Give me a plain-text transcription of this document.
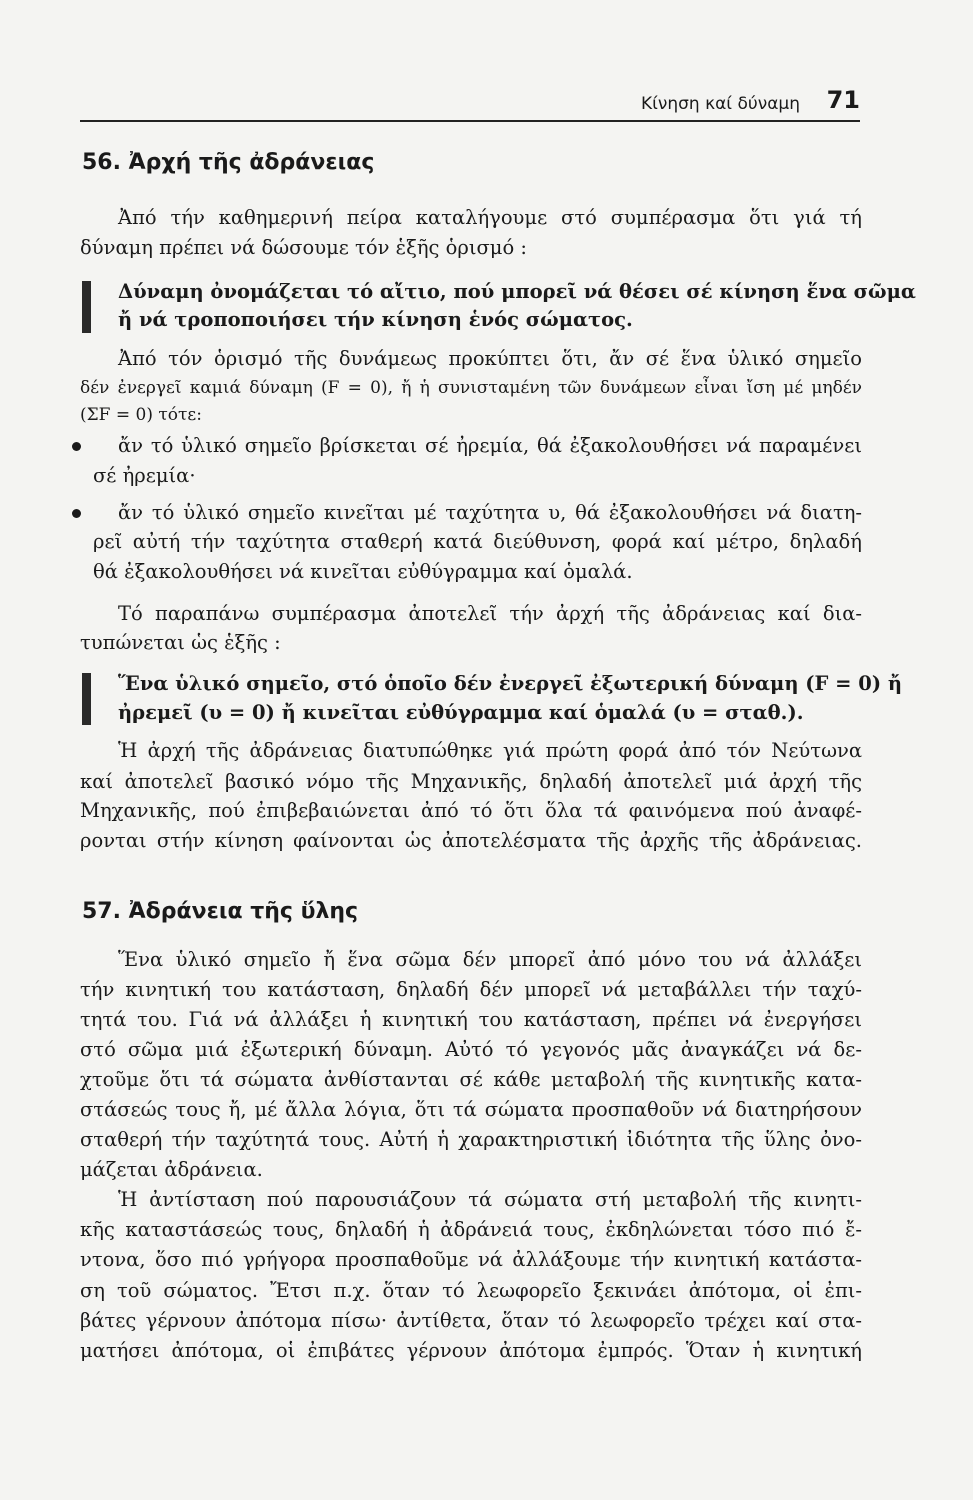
Κίνηση καί δύναμη 71
56. Ἀρχή τῆς ἀδράνειας
Ἀπό τήν καθημερινή πείρα καταλήγουμε στό συμπέρασμα ὅτι γιά τή
δύναμη πρέπει νά δώσουμε τόν ἑξῆς ὁρισμό :
Δύναμη ὀνομάζεται τό αἴτιο, πού μπορεῖ νά θέσει σέ κίνηση ἕνα σῶμα
ἤ νά τροποποιήσει τήν κίνηση ἑνός σώματος.
Ἀπό τόν ὁρισμό τῆς δυνάμεως προκύπτει ὅτι, ἄν σέ ἕνα ὑλικό σημεῖο
δέν ἐνεργεῖ καμιά δύναμη (F = 0), ἤ ἡ συνισταμένη τῶν δυνάμεων εἶναι ἴση μέ μηδέν
(ΣF = 0) τότε:
ἄν τό ὑλικό σημεῖο βρίσκεται σέ ἠρεμία, θά ἐξακολουθήσει νά παραμένει
σέ ἠρεμία·
ἄν τό ὑλικό σημεῖο κινεῖται μέ ταχύτητα υ, θά ἐξακολουθήσει νά διατη-
ρεῖ αὐτή τήν ταχύτητα σταθερή κατά διεύθυνση, φορά καί μέτρο, δηλαδή
θά ἐξακολουθήσει νά κινεῖται εὐθύγραμμα καί ὁμαλά.
Τό παραπάνω συμπέρασμα ἀποτελεῖ τήν ἀρχή τῆς ἀδράνειας καί δια-
τυπώνεται ὡς ἑξῆς :
Ἕνα ὑλικό σημεῖο, στό ὁποῖο δέν ἐνεργεῖ ἐξωτερική δύναμη (F = 0) ἤ
ἠρεμεῖ (υ = 0) ἤ κινεῖται εὐθύγραμμα καί ὁμαλά (υ = σταθ.).
Ἡ ἀρχή τῆς ἀδράνειας διατυπώθηκε γιά πρώτη φορά ἀπό τόν Νεύτωνα
καί ἀποτελεῖ βασικό νόμο τῆς Μηχανικῆς, δηλαδή ἀποτελεῖ μιά ἀρχή τῆς
Μηχανικῆς, πού ἐπιβεβαιώνεται ἀπό τό ὅτι ὅλα τά φαινόμενα πού ἀναφέ-
ρονται στήν κίνηση φαίνονται ὡς ἀποτελέσματα τῆς ἀρχῆς τῆς ἀδράνειας.
57. Ἀδράνεια τῆς ὕλης
Ἕνα ὑλικό σημεῖο ἤ ἕνα σῶμα δέν μπορεῖ ἀπό μόνο του νά ἀλλάξει
τήν κινητική του κατάσταση, δηλαδή δέν μπορεῖ νά μεταβάλλει τήν ταχύ-
τητά του. Γιά νά ἀλλάξει ἡ κινητική του κατάσταση, πρέπει νά ἐνεργήσει
στό σῶμα μιά ἐξωτερική δύναμη. Αὐτό τό γεγονός μᾶς ἀναγκάζει νά δε-
χτοῦμε ὅτι τά σώματα ἀνθίστανται σέ κάθε μεταβολή τῆς κινητικῆς κατα-
στάσεώς τους ἤ, μέ ἄλλα λόγια, ὅτι τά σώματα προσπαθοῦν νά διατηρήσουν
σταθερή τήν ταχύτητά τους. Αὐτή ἡ χαρακτηριστική ἰδιότητα τῆς ὕλης ὀνο-
μάζεται ἀδράνεια.
Ἡ ἀντίσταση πού παρουσιάζουν τά σώματα στή μεταβολή τῆς κινητι-
κῆς καταστάσεώς τους, δηλαδή ἡ ἀδράνειά τους, ἐκδηλώνεται τόσο πιό ἔ-
ντονα, ὅσο πιό γρήγορα προσπαθοῦμε νά ἀλλάξουμε τήν κινητική κατάστα-
ση τοῦ σώματος. Ἔτσι π.χ. ὅταν τό λεωφορεῖο ξεκινάει ἀπότομα, οἱ ἐπι-
βάτες γέρνουν ἀπότομα πίσω· ἀντίθετα, ὅταν τό λεωφορεῖο τρέχει καί στα-
ματήσει ἀπότομα, οἱ ἐπιβάτες γέρνουν ἀπότομα ἐμπρός. Ὅταν ἡ κινητική
